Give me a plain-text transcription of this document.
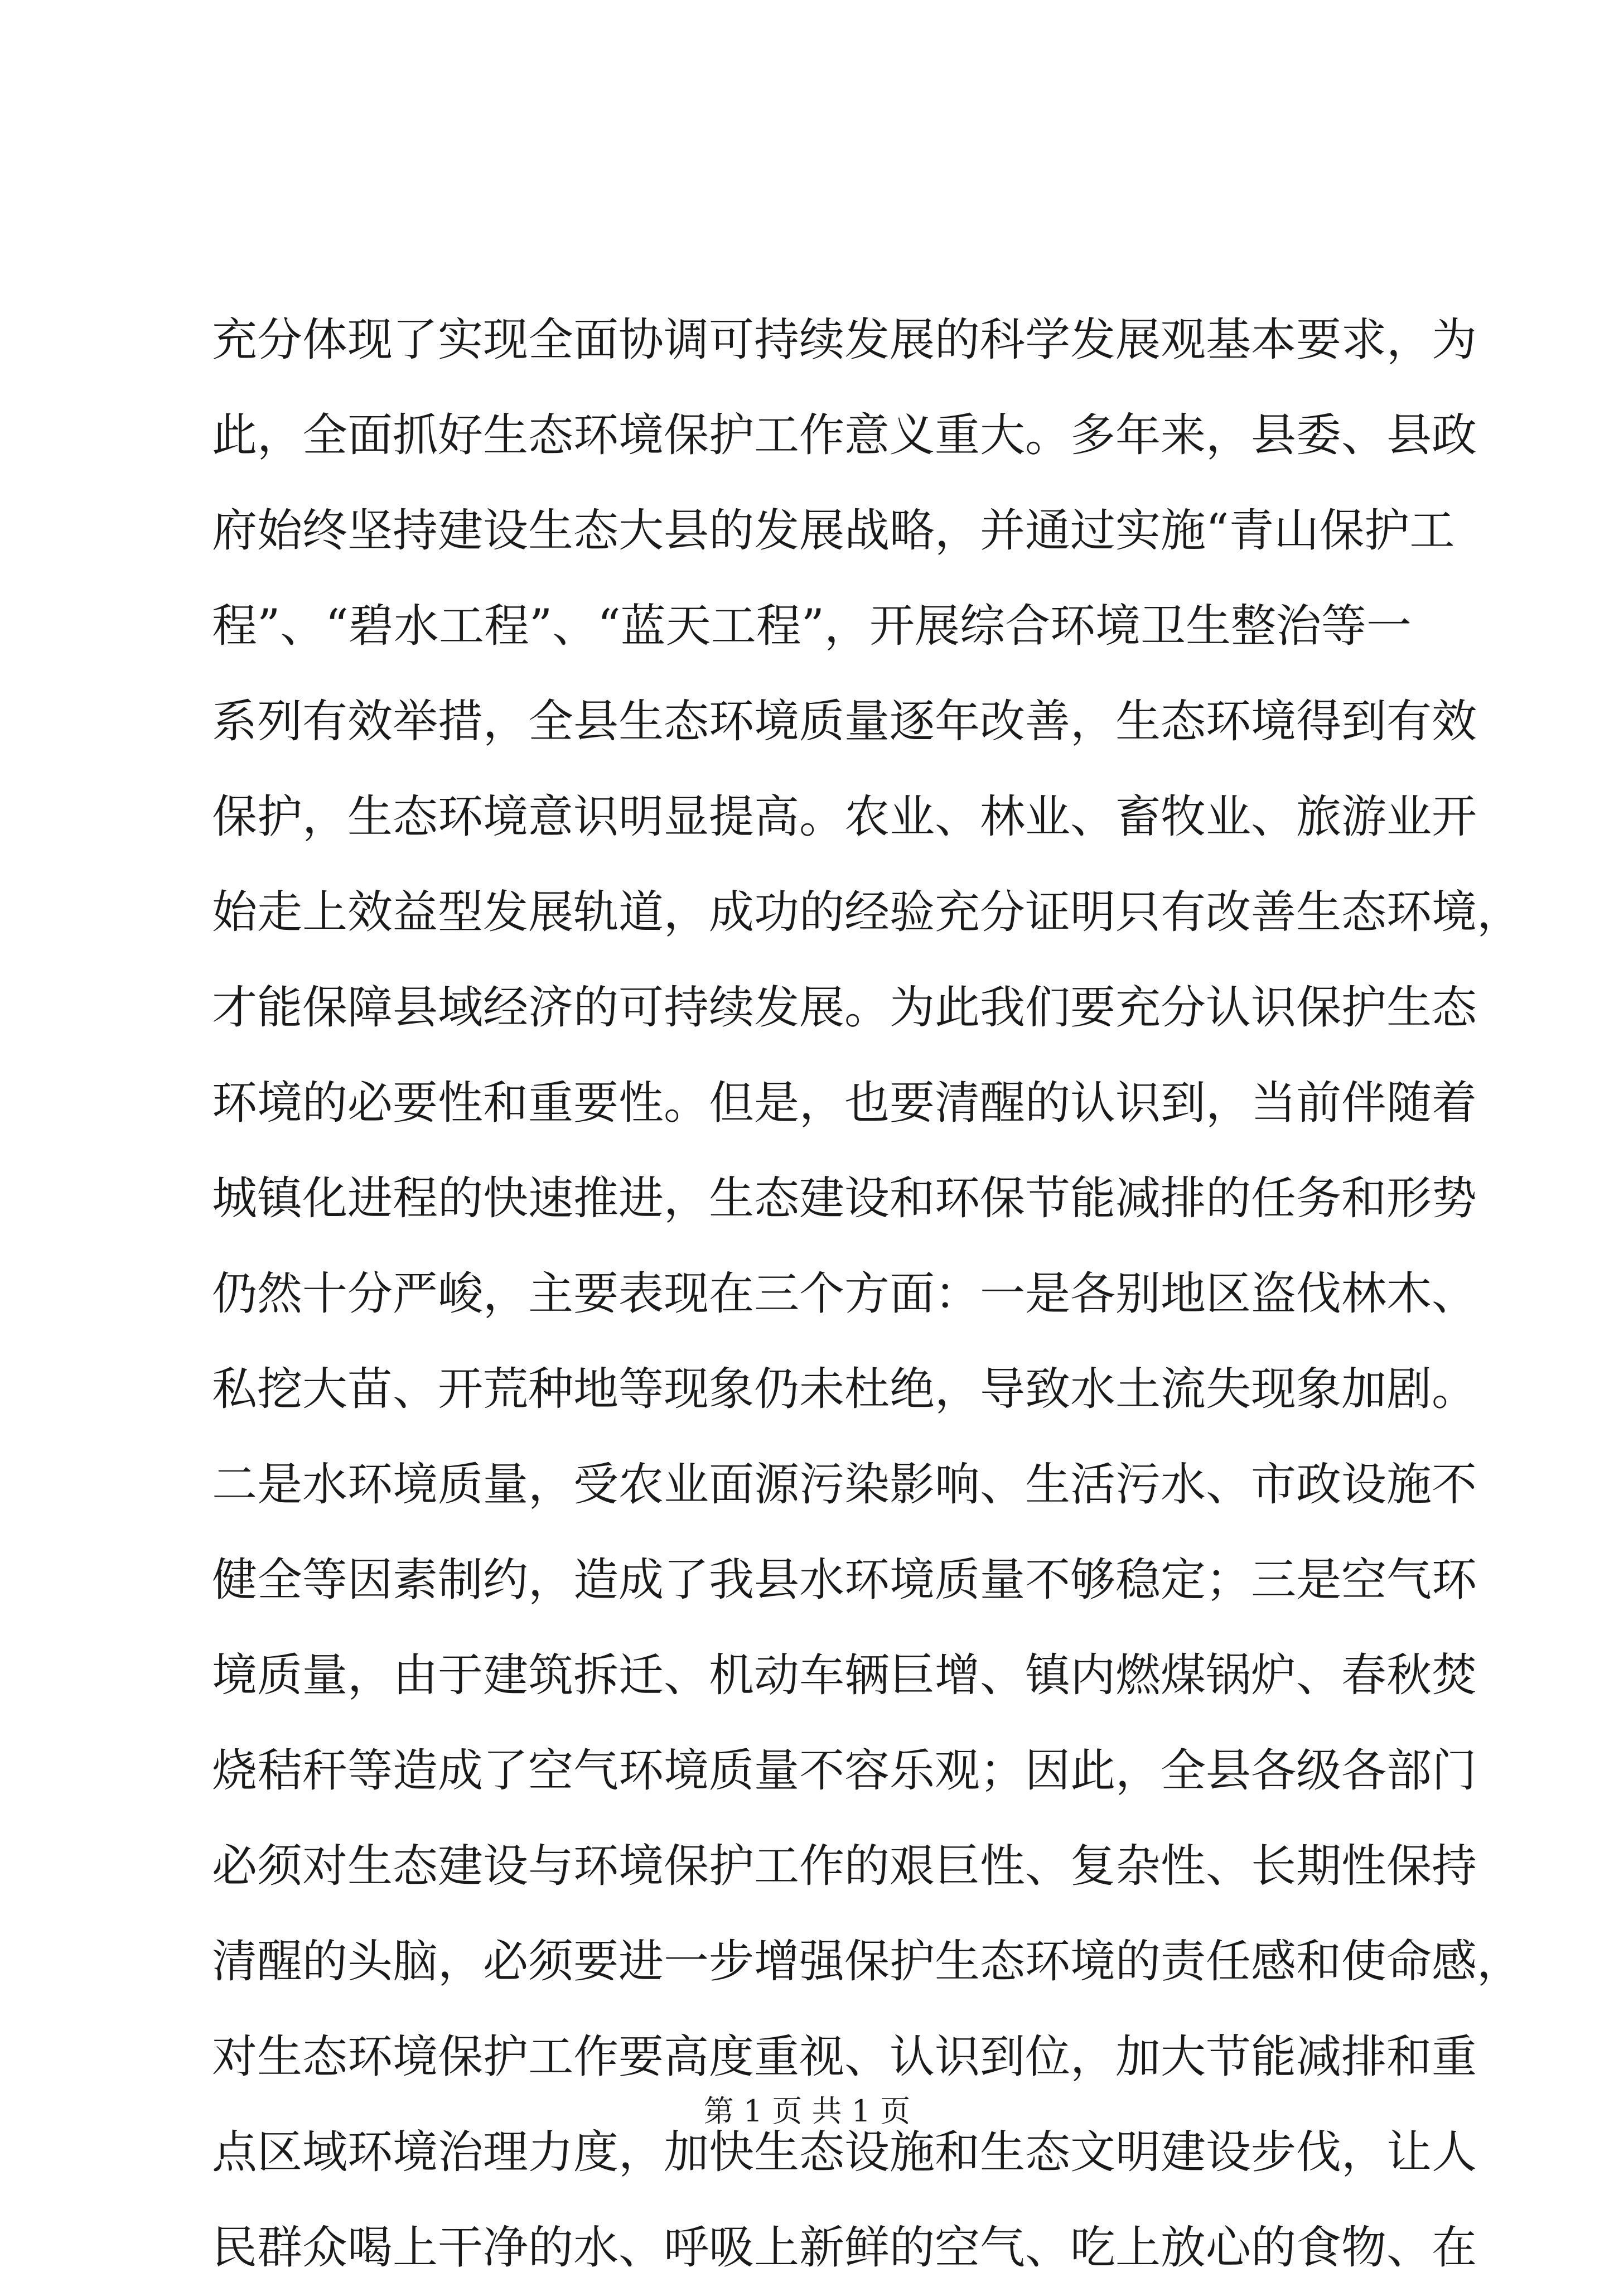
充分体现了实现全面协调可持续发展的科学发展观基本要求，为
此，全面抓好生态环境保护工作意义重大。多年来，县委、县政
府始终坚持建设生态大县的发展战略，并通过实施“青山保护工
程”、“碧水工程”、“蓝天工程”，开展综合环境卫生整治等一
系列有效举措，全县生态环境质量逐年改善，生态环境得到有效
保护，生态环境意识明显提高。农业、林业、畜牧业、旅游业开
始走上效益型发展轨道，成功的经验充分证明只有改善生态环境，
才能保障县域经济的可持续发展。为此我们要充分认识保护生态
环境的必要性和重要性。但是，也要清醒的认识到，当前伴随着
城镇化进程的快速推进，生态建设和环保节能减排的任务和形势
仍然十分严峻，主要表现在三个方面：一是各别地区盗伐林木、
私挖大苗、开荒种地等现象仍未杜绝，导致水土流失现象加剧。
二是水环境质量，受农业面源污染影响、生活污水、市政设施不
健全等因素制约，造成了我县水环境质量不够稳定；三是空气环
境质量，由于建筑拆迁、机动车辆巨增、镇内燃煤锅炉、春秋焚
烧秸秆等造成了空气环境质量不容乐观；因此，全县各级各部门
必须对生态建设与环境保护工作的艰巨性、复杂性、长期性保持
清醒的头脑，必须要进一步增强保护生态环境的责任感和使命感，
对生态环境保护工作要高度重视、认识到位，加大节能减排和重
点区域环境治理力度，加快生态设施和生态文明建设步伐，让人
民群众喝上干净的水、呼吸上新鲜的空气、吃上放心的食物、在
第 1 页 共 1 页
